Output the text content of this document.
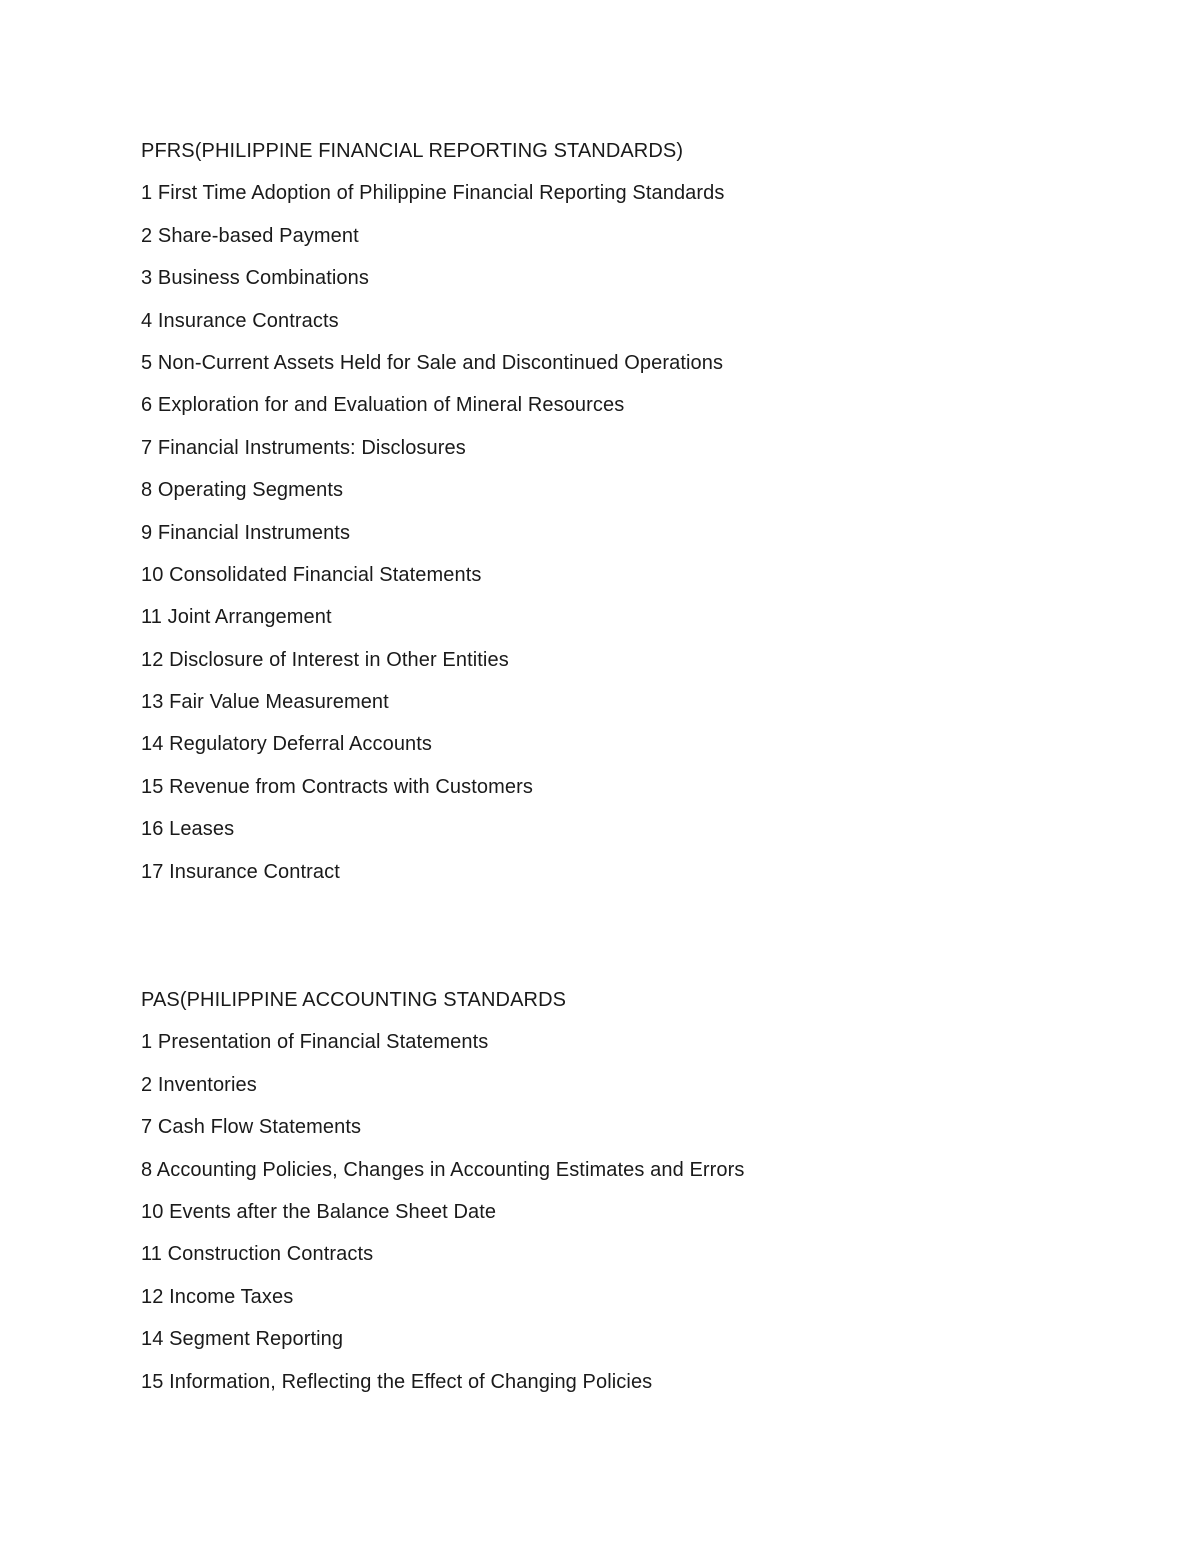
PFRS(PHILIPPINE FINANCIAL REPORTING STANDARDS)
1 First Time Adoption of Philippine Financial Reporting Standards
2 Share-based Payment
3 Business Combinations
4 Insurance Contracts
5 Non-Current Assets Held for Sale and Discontinued Operations
6 Exploration for and Evaluation of Mineral Resources
7 Financial Instruments: Disclosures
8 Operating Segments
9 Financial Instruments
10 Consolidated Financial Statements
11 Joint Arrangement
12 Disclosure of Interest in Other Entities
13 Fair Value Measurement
14 Regulatory Deferral Accounts
15 Revenue from Contracts with Customers
16 Leases
17 Insurance Contract
PAS(PHILIPPINE ACCOUNTING STANDARDS
1 Presentation of Financial Statements
2 Inventories
7 Cash Flow Statements
8 Accounting Policies, Changes in Accounting Estimates and Errors
10 Events after the Balance Sheet Date
11 Construction Contracts
12 Income Taxes
14 Segment Reporting
15 Information, Reflecting the Effect of Changing Policies
